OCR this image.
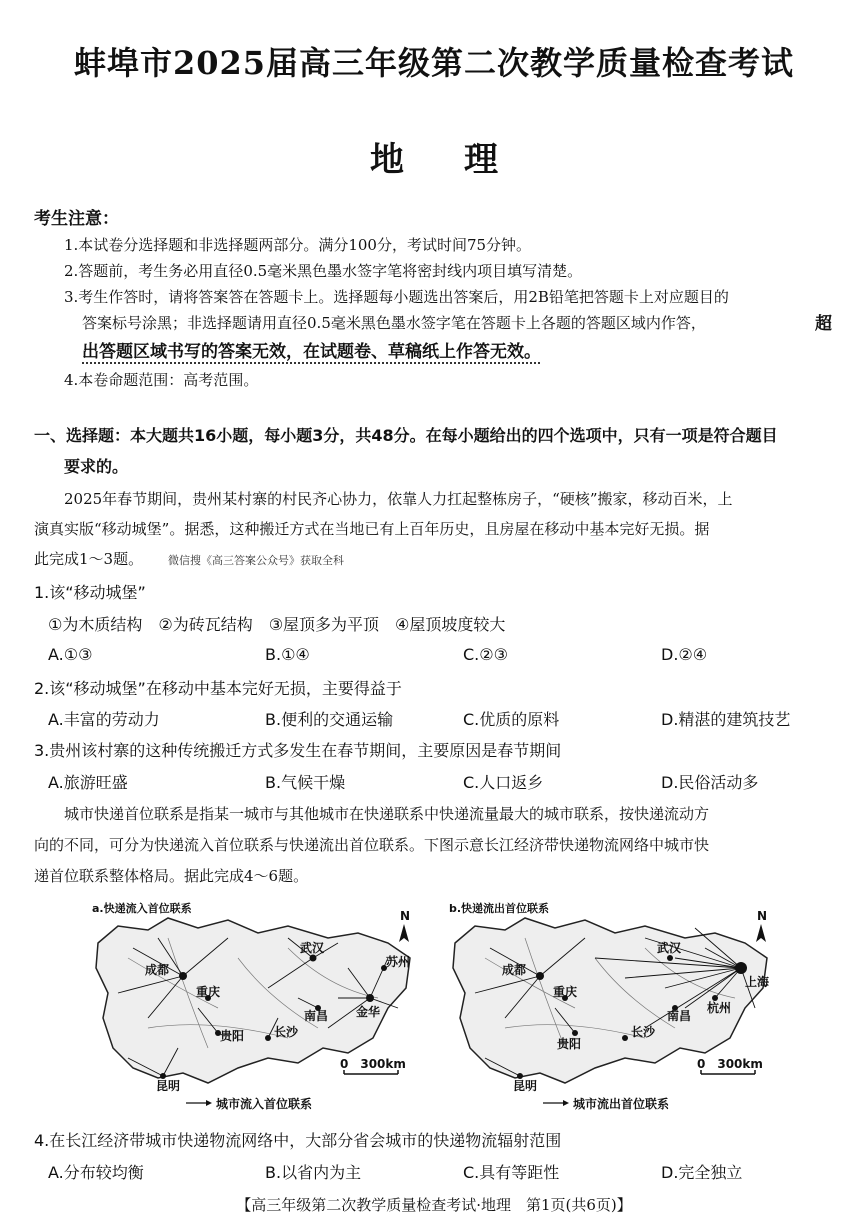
蚌埠市2025届高三年级第二次教学质量检查考试
地理
考生注意：
1.本试卷分选择题和非选择题两部分。满分100分，考试时间75分钟。
2.答题前，考生务必用直径0.5毫米黑色墨水签字笔将密封线内项目填写清楚。
3.考生作答时，请将答案答在答题卡上。选择题每小题选出答案后，用2B铅笔把答题卡上对应题目的
答案标号涂黑；非选择题请用直径0.5毫米黑色墨水签字笔在答题卡上各题的答题区域内作答，	超
出答题区域书写的答案无效，在试题卷、草稿纸上作答无效。
4.本卷命题范围：高考范围。
一、选择题：本大题共16小题，每小题3分，共48分。在每小题给出的四个选项中，只有一项是符合题目
要求的。
2025年春节期间，贵州某村寨的村民齐心协力，依靠人力扛起整栋房子，“硬核”搬家，移动百米，上
演真实版“移动城堡”。据悉，这种搬迁方式在当地已有上百年历史，且房屋在移动中基本完好无损。据
此完成1～3题。 微信搜《高三答案公众号》获取全科
1.该“移动城堡”
①为木质结构　②为砖瓦结构　③屋顶多为平顶　④屋顶坡度较大
A.①③	B.①④	C.②③	D.②④
2.该“移动城堡”在移动中基本完好无损，主要得益于
A.丰富的劳动力	B.便利的交通运输	C.优质的原料	D.精湛的建筑技艺
3.贵州该村寨的这种传统搬迁方式多发生在春节期间，主要原因是春节期间
A.旅游旺盛	B.气候干燥	C.人口返乡	D.民俗活动多
城市快递首位联系是指某一城市与其他城市在快递联系中快递流量最大的城市联系，按快递流动方
向的不同，可分为快递流入首位联系与快递流出首位联系。下图示意长江经济带快递物流网络中城市快
递首位联系整体格局。据此完成4～6题。
a.快递流入首位联系
成都
重庆
武汉
苏州
南昌
长沙
金华
贵阳
昆明
N
0　300km
城市流入首位联系
b.快递流出首位联系
成都
重庆
武汉
上海
杭州
南昌
长沙
贵阳
昆明
N
0　300km
城市流出首位联系
4.在长江经济带城市快递物流网络中，大部分省会城市的快递物流辐射范围
A.分布较均衡	B.以省内为主	C.具有等距性	D.完全独立
【高三年级第二次教学质量检查考试·地理　第1页(共6页)】
